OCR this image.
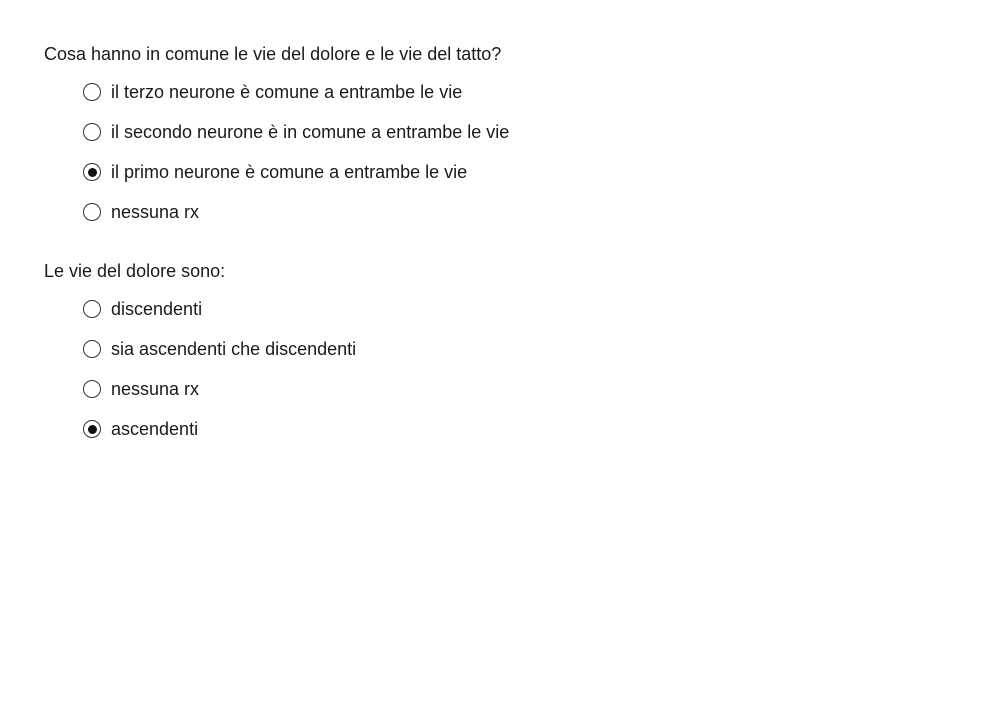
Cosa hanno in comune le vie del dolore e le vie del tatto?

il terzo neurone è comune a entrambe le vie
il secondo neurone è in comune a entrambe le vie
il primo neurone è comune a entrambe le vie
nessuna rx

Le vie del dolore sono:

discendenti
sia ascendenti che discendenti
nessuna rx
ascendenti
